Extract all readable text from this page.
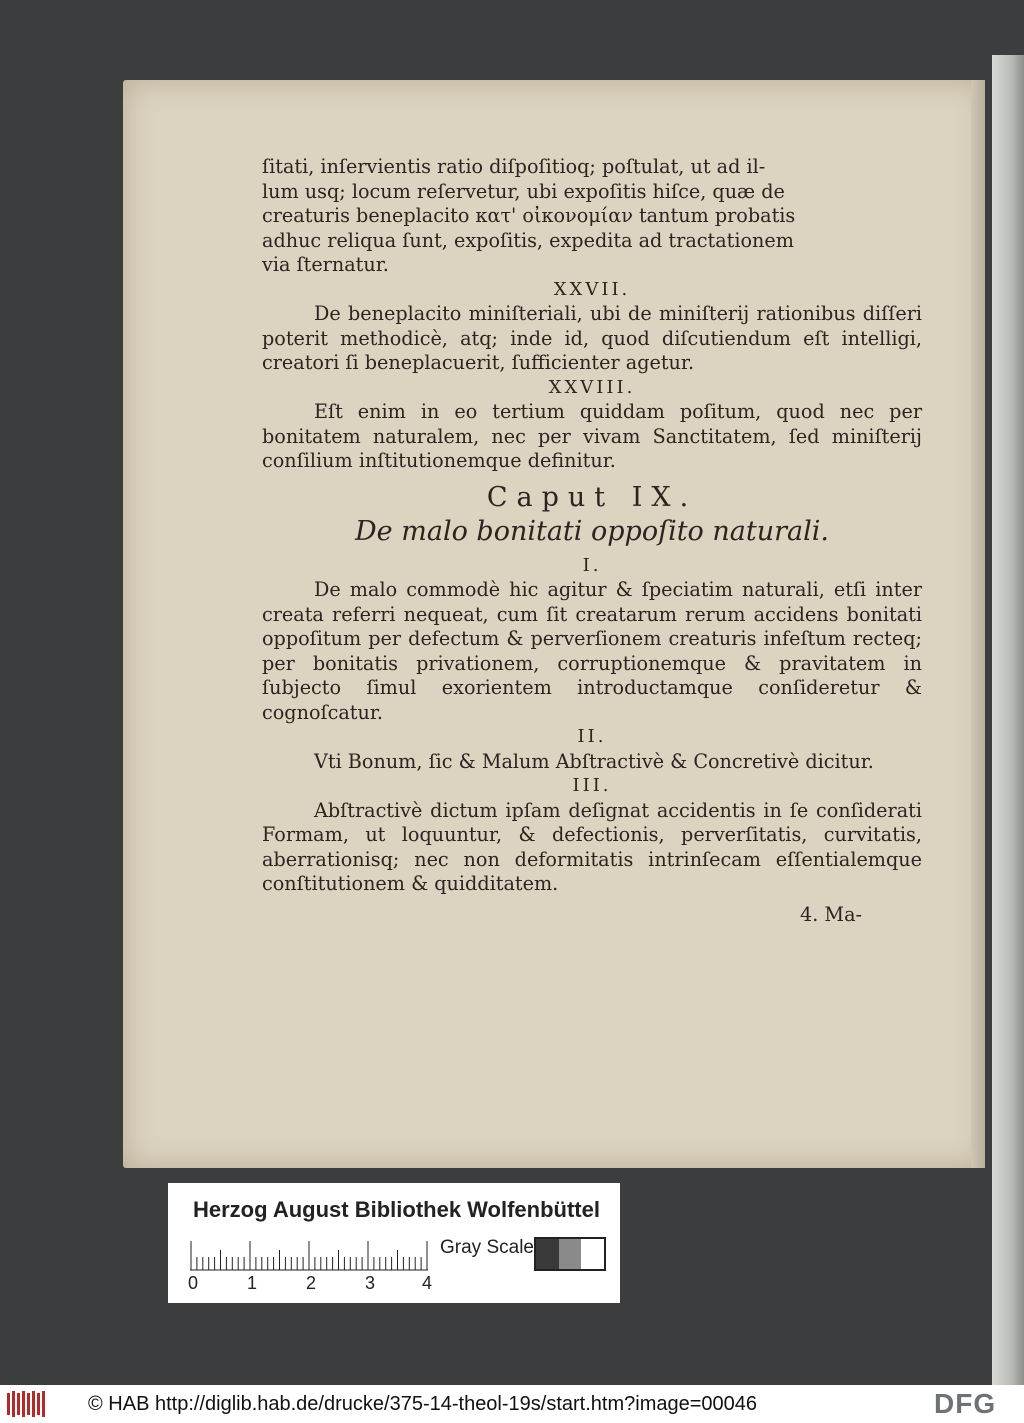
ſitati, inſervientis ratio diſpoſitioq; poſtulat, ut ad il-

lum usq; locum reſervetur, ubi expoſitis hiſce, quæ de

creaturis beneplacito κατ' οἰκονομίαν tantum probatis

adhuc reliqua ſunt, expoſitis, expedita ad tractationem

via ſternatur.

XXVII.

De beneplacito miniſteriali, ubi de miniſterij rationibus diſſeri poterit methodicè, atq; inde id, quod diſcutiendum eſt intelligi, creatori ſi beneplacuerit, ſufficienter agetur.

XXVIII.

Eſt enim in eo tertium quiddam poſitum, quod nec per bonitatem naturalem, nec per vivam Sanctitatem, ſed miniſterij conſilium inſtitutionemque definitur.

Caput IX.

De malo bonitati oppoſito naturali.

I.

De malo commodè hic agitur & ſpeciatim naturali, etſi inter creata referri nequeat, cum ſit creatarum rerum accidens bonitati oppoſitum per defectum & perverſionem creaturis infeſtum recteq; per bonitatis privationem, corruptionemque & pravitatem in ſubjecto ſimul exorientem introductamque conſideretur & cognoſcatur.

II.

Vti Bonum, ſic & Malum Abſtractivè & Concretivè dicitur.

III.

Abſtractivè dictum ipſam deſignat accidentis in ſe conſiderati Formam, ut loquuntur, & defectionis, perverſitatis, curvitatis, aberrationisq; nec non deformitatis intrinſecam eſſentialemque conſtitutionem & quidditatem.

4. Ma-

Herzog August Bibliothek Wolfenbüttel
0	1	2	3	4
Gray Scale
© HAB http://diglib.hab.de/drucke/375-14-theol-19s/start.htm?image=00046	DFG
